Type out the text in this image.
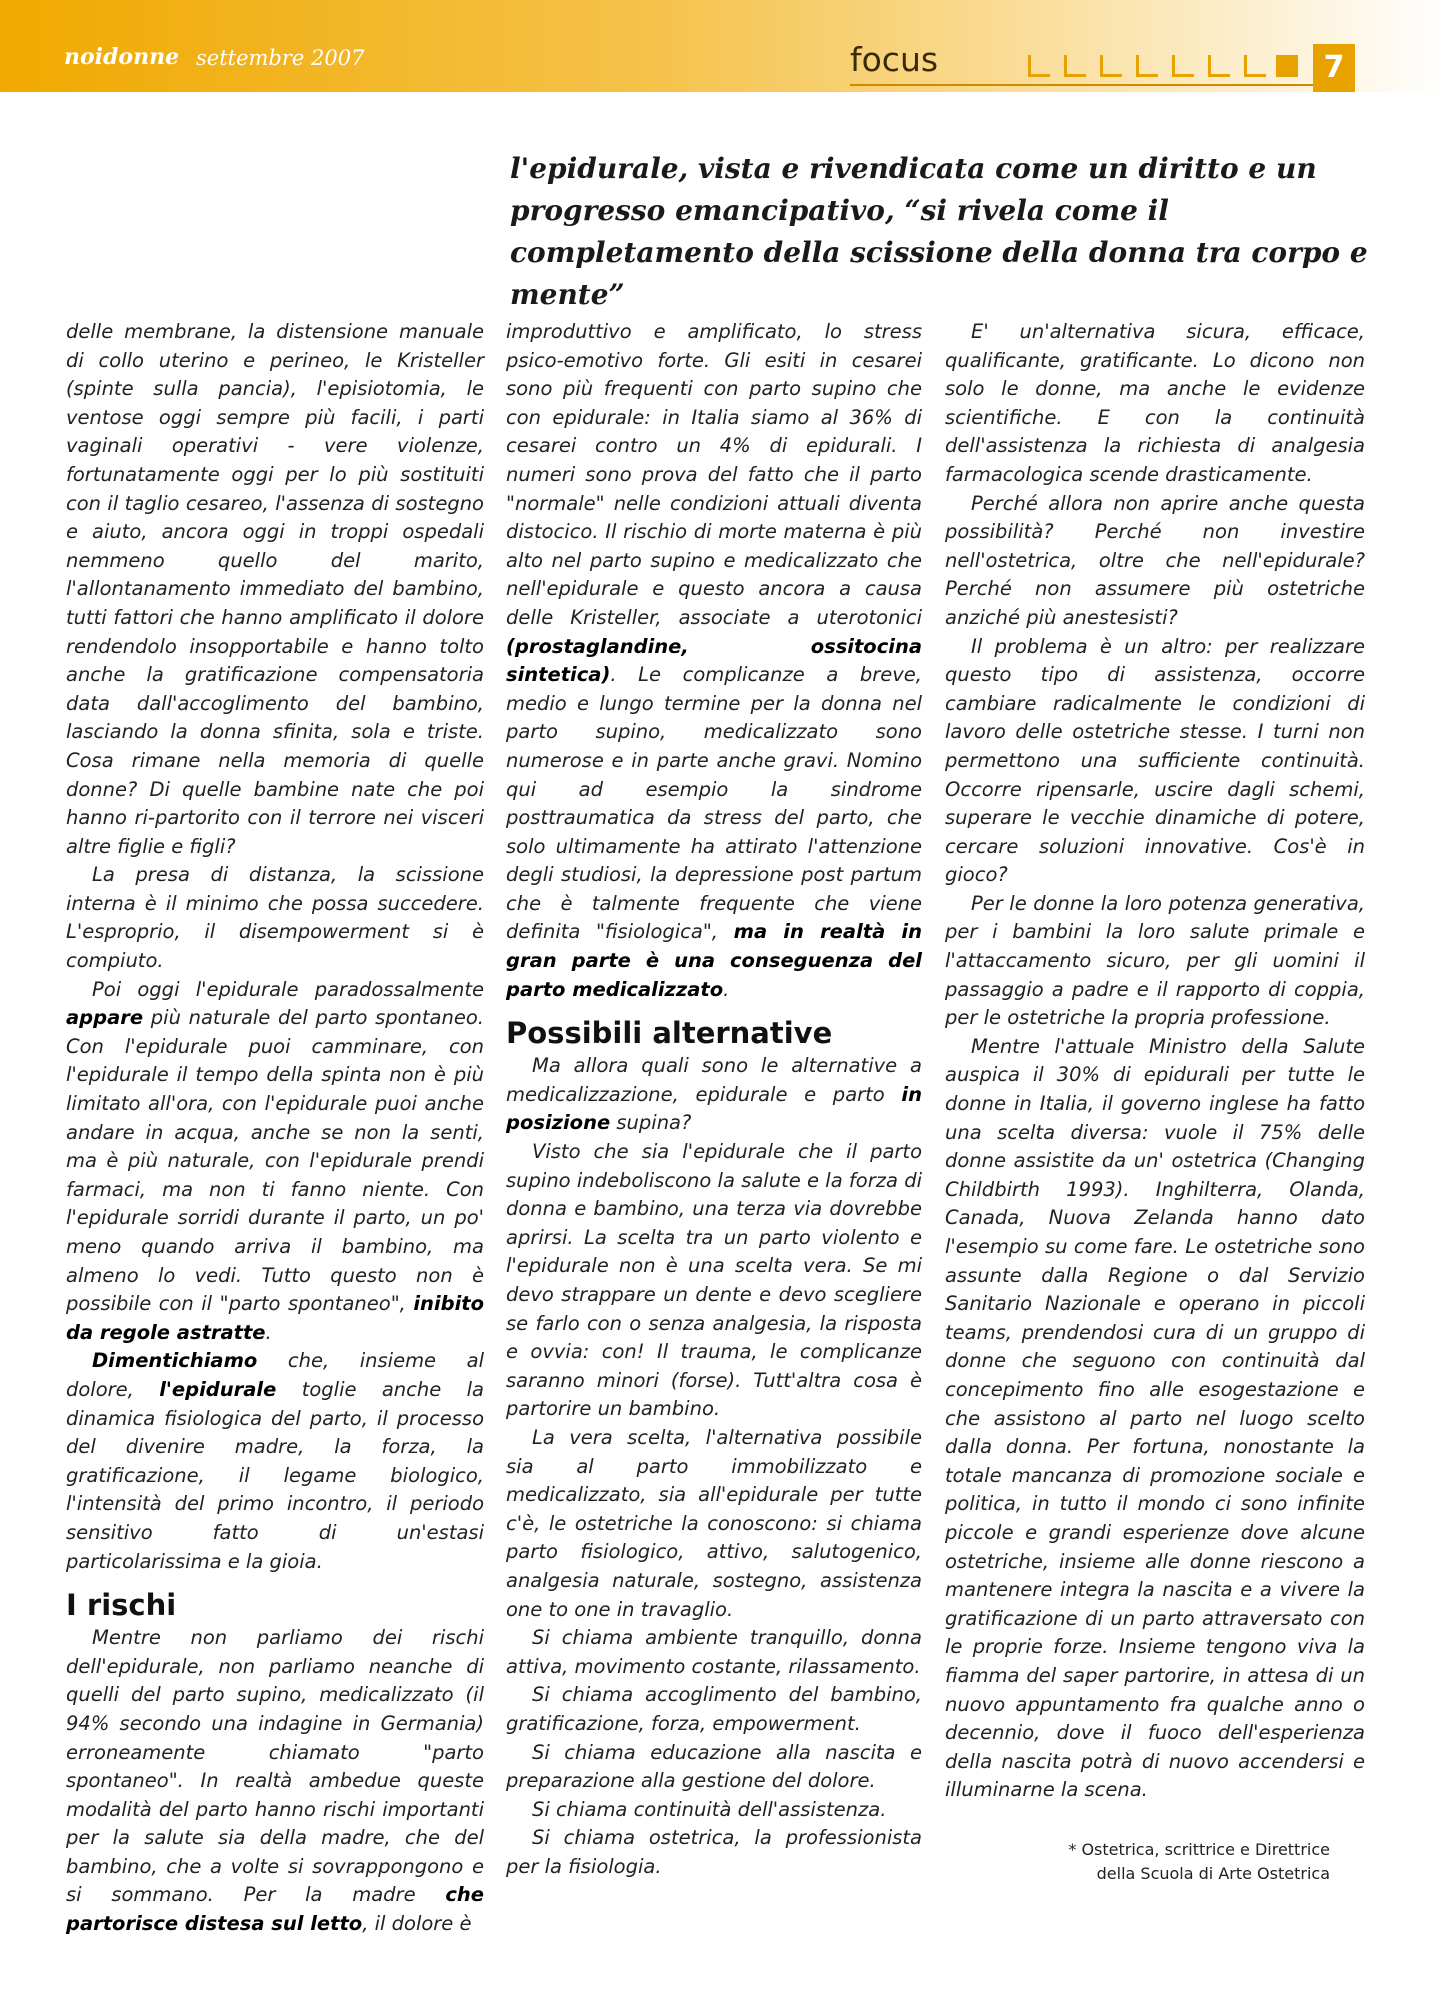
noidonne settembre 2007	focus	7

l'epidurale, vista e rivendicata come un diritto e un progresso emancipativo, “si rivela come il completamento della scissione della donna tra corpo e mente”

delle membrane, la distensione manuale di collo uterino e perineo, le Kristeller (spinte sulla pancia), l'episiotomia, le ventose oggi sempre più facili, i parti vaginali operativi - vere violenze, fortunatamente oggi per lo più sostituiti con il taglio cesareo, l'assenza di sostegno e aiuto, ancora oggi in troppi ospedali nemmeno quello del marito, l'allontanamento immediato del bambino, tutti fattori che hanno amplificato il dolore rendendolo insopportabile e hanno tolto anche la gratificazione compensatoria data dall'accoglimento del bambino, lasciando la donna sfinita, sola e triste. Cosa rimane nella memoria di quelle donne? Di quelle bambine nate che poi hanno ri-partorito con il terrore nei visceri altre figlie e figli?

La presa di distanza, la scissione interna è il minimo che possa succedere. L'esproprio, il disempowerment si è compiuto.

Poi oggi l'epidurale paradossalmente appare più naturale del parto spontaneo. Con l'epidurale puoi camminare, con l'epidurale il tempo della spinta non è più limitato all'ora, con l'epidurale puoi anche andare in acqua, anche se non la senti, ma è più naturale, con l'epidurale prendi farmaci, ma non ti fanno niente. Con l'epidurale sorridi durante il parto, un po' meno quando arriva il bambino, ma almeno lo vedi. Tutto questo non è possibile con il "parto spontaneo", inibito da regole astratte.

Dimentichiamo che, insieme al dolore, l'epidurale toglie anche la dinamica fisiologica del parto, il processo del divenire madre, la forza, la gratificazione, il legame biologico, l'intensità del primo incontro, il periodo sensitivo fatto di un'estasi particolarissima e la gioia.

I rischi

Mentre non parliamo dei rischi dell'epidurale, non parliamo neanche di quelli del parto supino, medicalizzato (il 94% secondo una indagine in Germania) erroneamente chiamato "parto spontaneo". In realtà ambedue queste modalità del parto hanno rischi importanti per la salute sia della madre, che del bambino, che a volte si sovrappongono e si sommano. Per la madre che partorisce distesa sul letto, il dolore è

improduttivo e amplificato, lo stress psico-emotivo forte. Gli esiti in cesarei sono più frequenti con parto supino che con epidurale: in Italia siamo al 36% di cesarei contro un 4% di epidurali. I numeri sono prova del fatto che il parto "normale" nelle condizioni attuali diventa distocico. Il rischio di morte materna è più alto nel parto supino e medicalizzato che nell'epidurale e questo ancora a causa delle Kristeller, associate a uterotonici (prostaglandine, ossitocina sintetica). Le complicanze a breve, medio e lungo termine per la donna nel parto supino, medicalizzato sono numerose e in parte anche gravi. Nomino qui ad esempio la sindrome posttraumatica da stress del parto, che solo ultimamente ha attirato l'attenzione degli studiosi, la depressione post partum che è talmente frequente che viene definita "fisiologica", ma in realtà in gran parte è una conseguenza del parto medicalizzato.

Possibili alternative

Ma allora quali sono le alternative a medicalizzazione, epidurale e parto in posizione supina?

Visto che sia l'epidurale che il parto supino indeboliscono la salute e la forza di donna e bambino, una terza via dovrebbe aprirsi. La scelta tra un parto violento e l'epidurale non è una scelta vera. Se mi devo strappare un dente e devo scegliere se farlo con o senza analgesia, la risposta e ovvia: con! Il trauma, le complicanze saranno minori (forse). Tutt'altra cosa è partorire un bambino.

La vera scelta, l'alternativa possibile sia al parto immobilizzato e medicalizzato, sia all'epidurale per tutte c'è, le ostetriche la conoscono: si chiama parto fisiologico, attivo, salutogenico, analgesia naturale, sostegno, assistenza one to one in travaglio.

Si chiama ambiente tranquillo, donna attiva, movimento costante, rilassamento.

Si chiama accoglimento del bambino, gratificazione, forza, empowerment.

Si chiama educazione alla nascita e preparazione alla gestione del dolore.

Si chiama continuità dell'assistenza.

Si chiama ostetrica, la professionista per la fisiologia.

E' un'alternativa sicura, efficace, qualificante, gratificante. Lo dicono non solo le donne, ma anche le evidenze scientifiche. E con la continuità dell'assistenza la richiesta di analgesia farmacologica scende drasticamente.

Perché allora non aprire anche questa possibilità? Perché non investire nell'ostetrica, oltre che nell'epidurale? Perché non assumere più ostetriche anziché più anestesisti?

Il problema è un altro: per realizzare questo tipo di assistenza, occorre cambiare radicalmente le condizioni di lavoro delle ostetriche stesse. I turni non permettono una sufficiente continuità. Occorre ripensarle, uscire dagli schemi, superare le vecchie dinamiche di potere, cercare soluzioni innovative. Cos'è in gioco?

Per le donne la loro potenza generativa, per i bambini la loro salute primale e l'attaccamento sicuro, per gli uomini il passaggio a padre e il rapporto di coppia, per le ostetriche la propria professione.

Mentre l'attuale Ministro della Salute auspica il 30% di epidurali per tutte le donne in Italia, il governo inglese ha fatto una scelta diversa: vuole il 75% delle donne assistite da un' ostetrica (Changing Childbirth 1993). Inghilterra, Olanda, Canada, Nuova Zelanda hanno dato l'esempio su come fare. Le ostetriche sono assunte dalla Regione o dal Servizio Sanitario Nazionale e operano in piccoli teams, prendendosi cura di un gruppo di donne che seguono con continuità dal concepimento fino alle esogestazione e che assistono al parto nel luogo scelto dalla donna. Per fortuna, nonostante la totale mancanza di promozione sociale e politica, in tutto il mondo ci sono infinite piccole e grandi esperienze dove alcune ostetriche, insieme alle donne riescono a mantenere integra la nascita e a vivere la gratificazione di un parto attraversato con le proprie forze. Insieme tengono viva la fiamma del saper partorire, in attesa di un nuovo appuntamento fra qualche anno o decennio, dove il fuoco dell'esperienza della nascita potrà di nuovo accendersi e illuminarne la scena.

* Ostetrica, scrittrice e Direttrice
della Scuola di Arte Ostetrica
